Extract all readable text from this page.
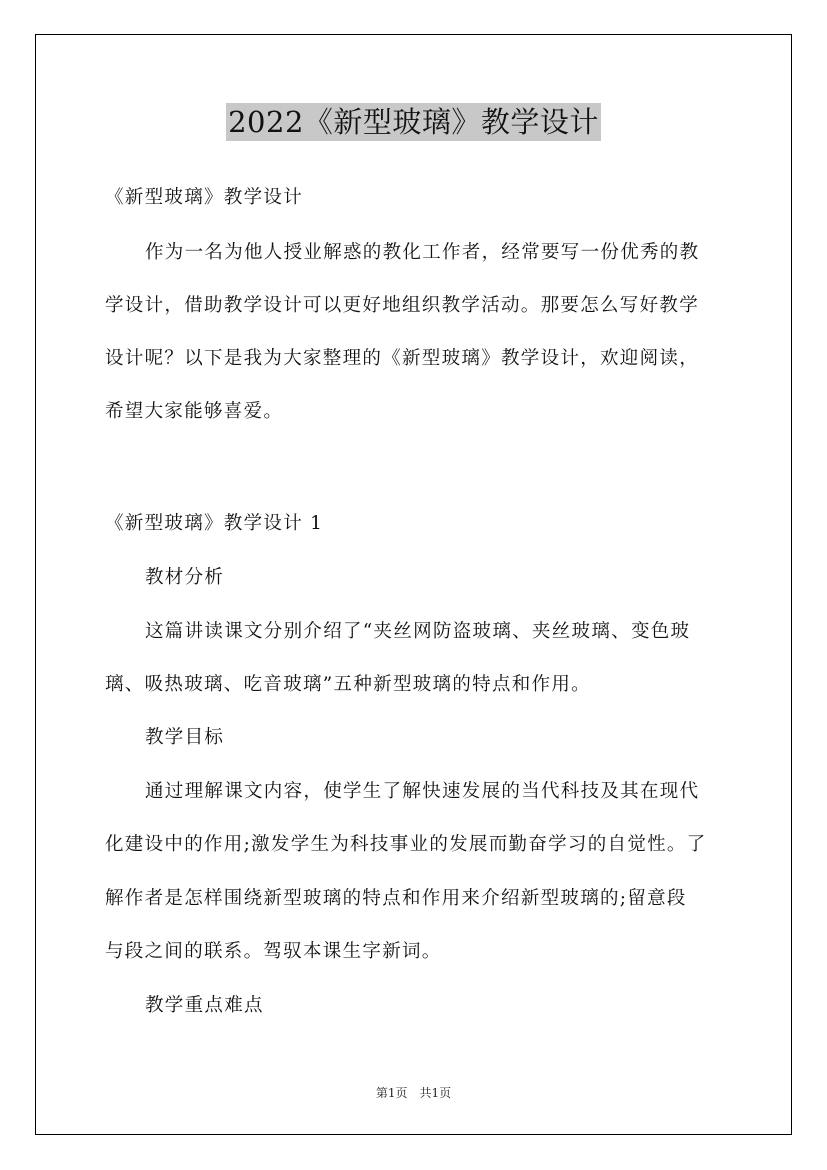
2022《新型玻璃》教学设计
《新型玻璃》教学设计
作为一名为他人授业解惑的教化工作者，经常要写一份优秀的教
学设计，借助教学设计可以更好地组织教学活动。那要怎么写好教学
设计呢？以下是我为大家整理的《新型玻璃》教学设计，欢迎阅读，
希望大家能够喜爱。
《新型玻璃》教学设计 1
教材分析
这篇讲读课文分别介绍了“夹丝网防盗玻璃、夹丝玻璃、变色玻
璃、吸热玻璃、吃音玻璃”五种新型玻璃的特点和作用。
教学目标
通过理解课文内容，使学生了解快速发展的当代科技及其在现代
化建设中的作用;激发学生为科技事业的发展而勤奋学习的自觉性。了
解作者是怎样围绕新型玻璃的特点和作用来介绍新型玻璃的;留意段
与段之间的联系。驾驭本课生字新词。
教学重点难点
第1页　共1页
